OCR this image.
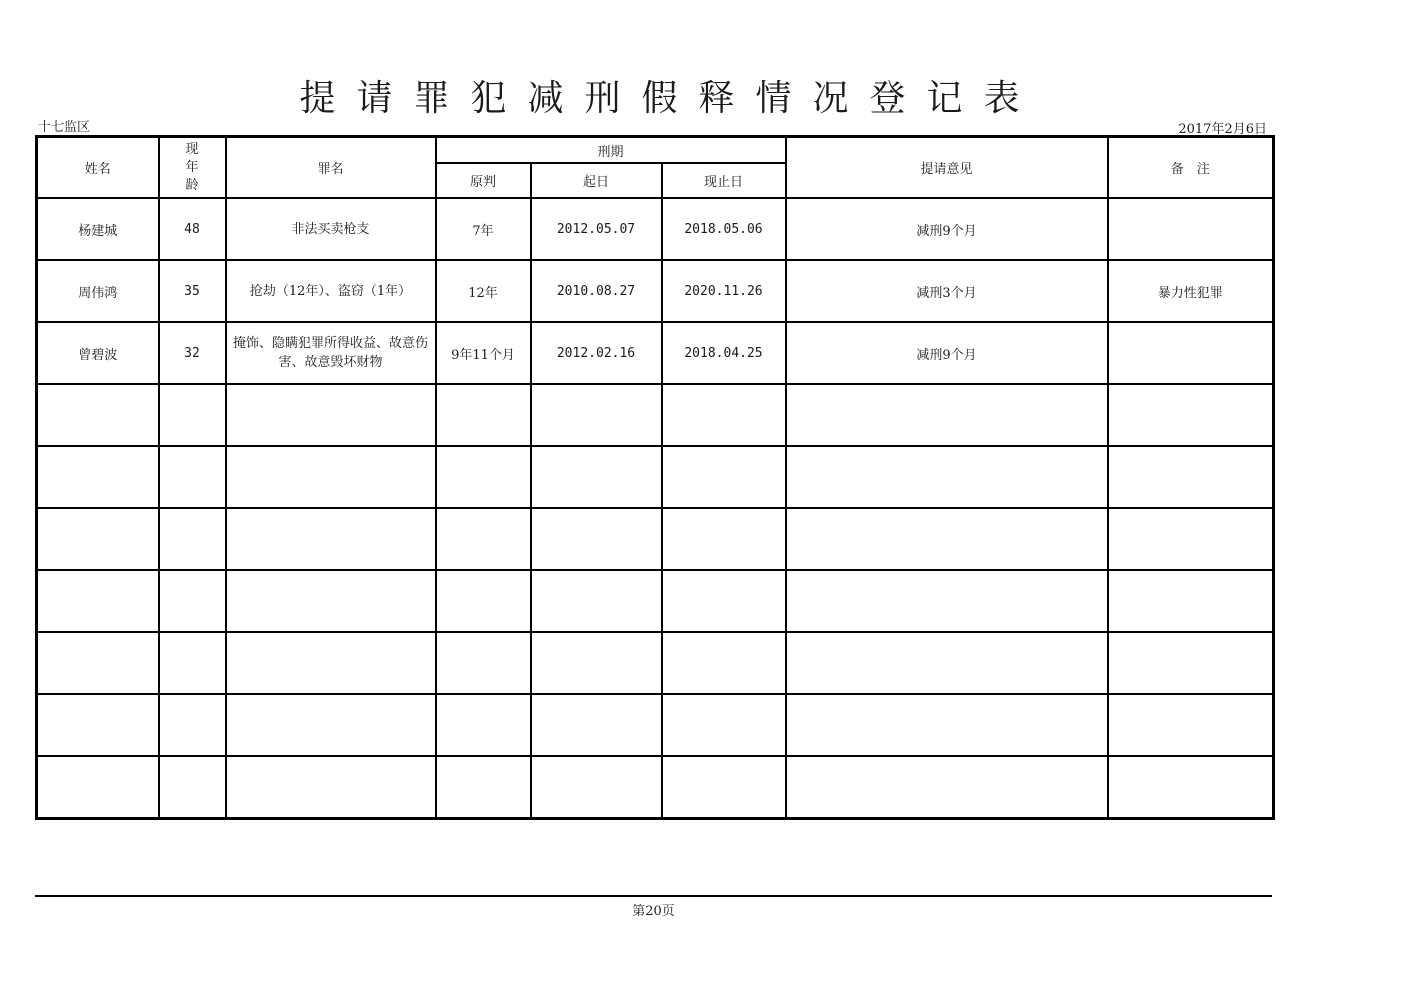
提请罪犯减刑假释情况登记表
十七监区	2017年2月6日
姓名	现
年
龄	罪名	刑期			提请意见	备　注
			原判	起日	现止日		
杨建城	48	非法买卖枪支	7年	2012.05.07	2018.05.06	减刑9个月	
周伟鸿	35	抢劫（12年）、盗窃（1年）	12年	2010.08.27	2020.11.26	减刑3个月	暴力性犯罪
曾碧波	32	掩饰、隐瞒犯罪所得收益、故意伤害、故意毁坏财物	9年11个月	2012.02.16	2018.04.25	减刑9个月	

第20页
